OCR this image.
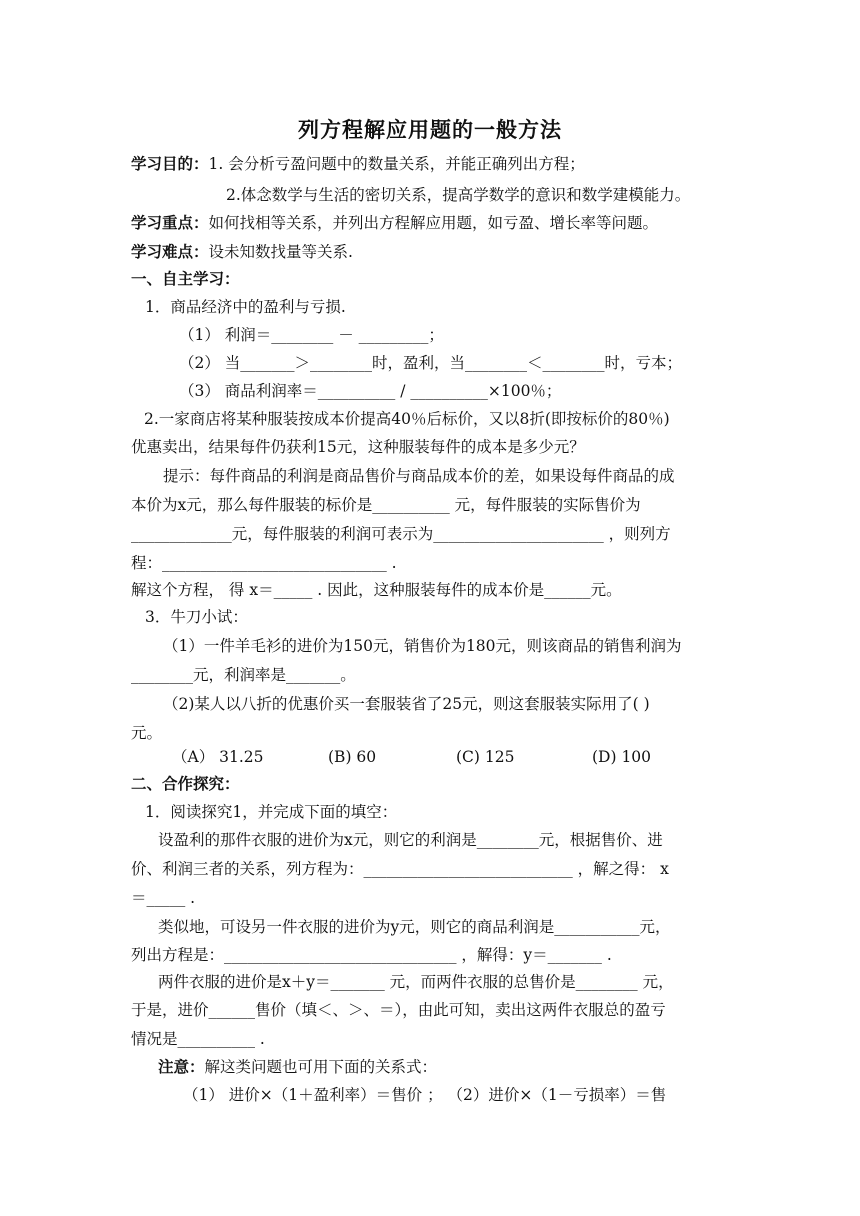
列方程解应用题的一般方法
学习目的：1. 会分析亏盈问题中的数量关系，并能正确列出方程；
2.体念数学与生活的密切关系，提高学数学的意识和数学建模能力。
学习重点：如何找相等关系，并列出方程解应用题，如亏盈、增长率等问题。
学习难点：设未知数找量等关系.
一、自主学习：
1．商品经济中的盈利与亏损.
（1） 利润＝________ － _________；
（2） 当_______＞________时，盈利，当________＜________时，亏本；
（3） 商品利润率＝__________ / __________×100％；
2.一家商店将某种服装按成本价提高40％后标价，又以8折(即按标价的80％)
优惠卖出，结果每件仍获利15元，这种服装每件的成本是多少元？
提示：每件商品的利润是商品售价与商品成本价的差，如果设每件商品的成
本价为x元，那么每件服装的标价是__________ 元，每件服装的实际售价为
_____________元，每件服装的利润可表示为______________________ ，则列方
程：_____________________________ .
解这个方程， 得 x＝_____ . 因此，这种服装每件的成本价是______元。
3．牛刀小试：
（1）一件羊毛衫的进价为150元，销售价为180元，则该商品的销售利润为
________元，利润率是_______。
（2)某人以八折的优惠价买一套服装省了25元，则这套服装实际用了( )
元。
（A） 31.25	(B) 60	(C) 125	(D) 100
二、合作探究：
1．阅读探究1，并完成下面的填空：
设盈利的那件衣服的进价为x元，则它的利润是________元，根据售价、进
价、利润三者的关系，列方程为：___________________________ ，解之得： x
＝_____ .
类似地，可设另一件衣服的进价为y元，则它的商品利润是___________元，
列出方程是：______________________________ ，解得：y＝_______ .
两件衣服的进价是x＋y＝_______ 元，而两件衣服的总售价是________ 元，
于是，进价______售价（填＜、＞、＝），由此可知，卖出这两件衣服总的盈亏
情况是__________ .
注意：解这类问题也可用下面的关系式：
（1） 进价×（1＋盈利率）＝售价 ； （2）进价×（1－亏损率）＝售
